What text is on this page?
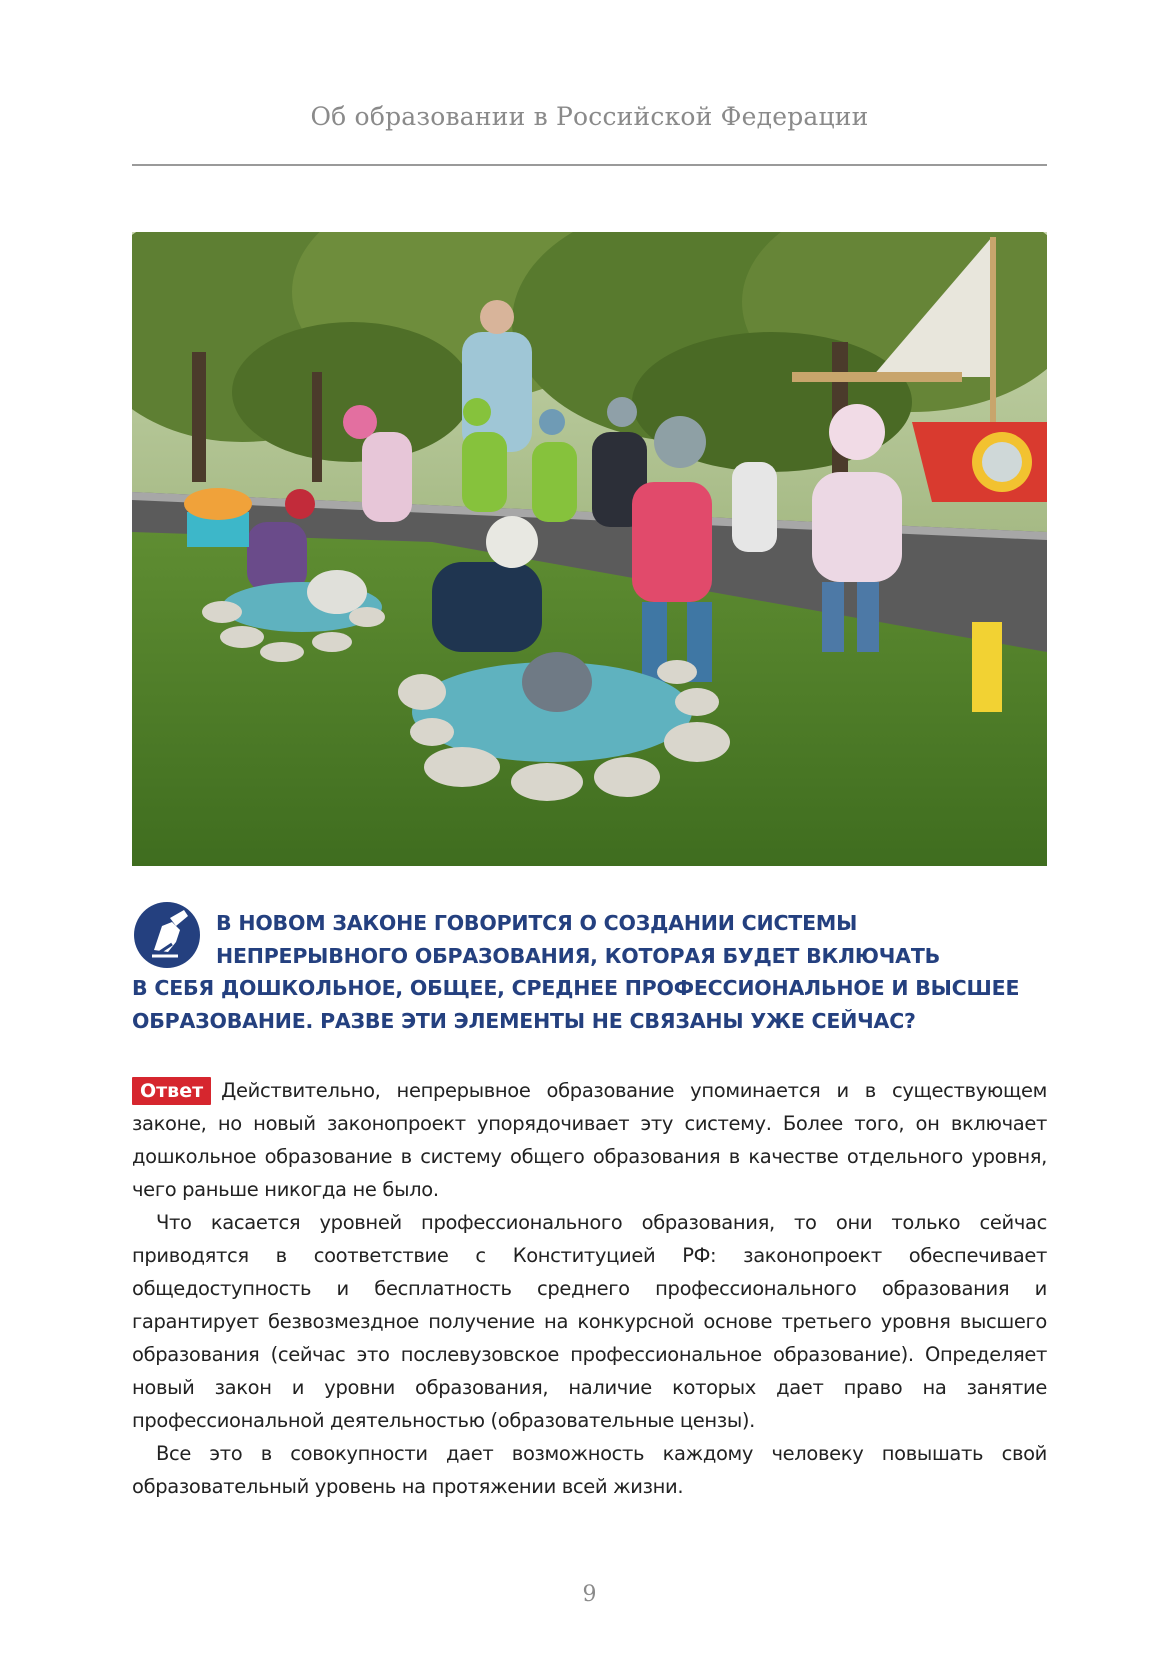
Об образовании в Российской Федерации
В НОВОМ ЗАКОНЕ ГОВОРИТСЯ О СОЗДАНИИ СИСТЕМЫ
НЕПРЕРЫВНОГО ОБРАЗОВАНИЯ, КОТОРАЯ БУДЕТ ВКЛЮЧАТЬ
В СЕБЯ ДОШКОЛЬНОЕ, ОБЩЕЕ, СРЕДНЕЕ ПРОФЕССИОНАЛЬНОЕ И ВЫСШЕЕ
ОБРАЗОВАНИЕ. РАЗВЕ ЭТИ ЭЛЕМЕНТЫ НЕ СВЯЗАНЫ УЖЕ СЕЙЧАС?

Ответ Действительно, непрерывное образование упоминается и в существующем законе, но новый законопроект упорядочивает эту систему. Более того, он включает дошкольное образование в систему общего образования в качестве отдельного уровня, чего раньше никогда не было.

Что касается уровней профессионального образования, то они только сейчас приводятся в соответствие с Конституцией РФ: законопроект обеспечивает общедоступность и бесплатность среднего профессионального образования и гарантирует безвозмездное получение на конкурсной основе третьего уровня высшего образования (сейчас это послевузовское профессиональное образование). Определяет новый закон и уровни образования, наличие которых дает право на занятие профессиональной деятельностью (образовательные цензы).

Все это в совокупности дает возможность каждому человеку повышать свой образовательный уровень на протяжении всей жизни.

9
